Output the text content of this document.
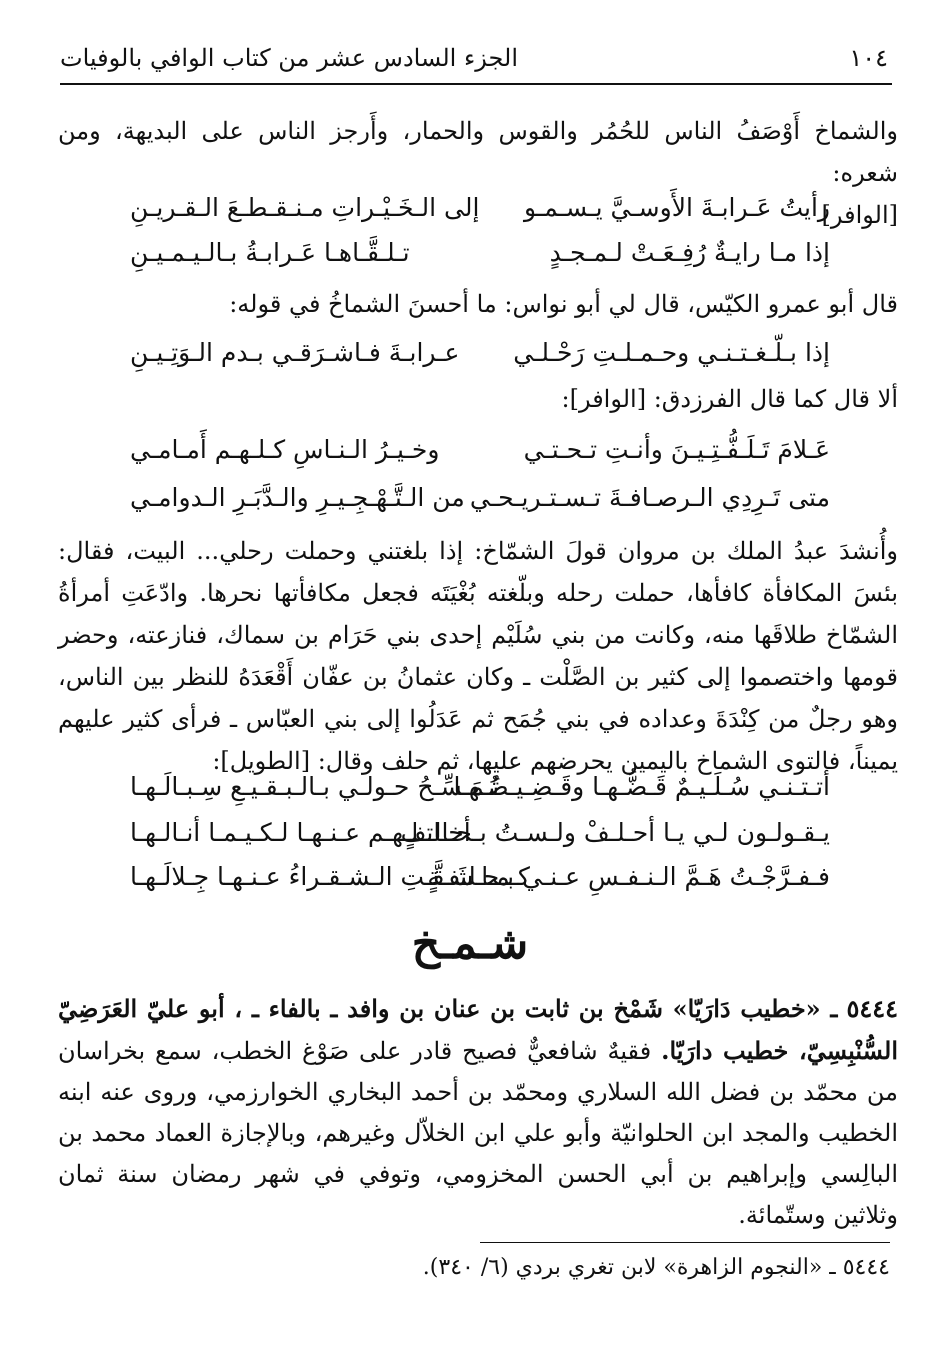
١٠٤
الجزء السادس عشر من كتاب الوافي بالوفيات
والشماخ أَوْصَفُ الناس للحُمُر والقوس والحمار، وأَرجز الناس على البديهة، ومن شعره:
[الوافر]
رأيتُ عَـرابـةَ الأَوسـيَّ يـسـمـو
إلى الـخَـيْـراتِ مـنـقـطـعَ الـقـريـنِ
إذا مـا رايـةٌ رُفِـعَـتْ لـمـجـدٍ
تـلـقَّـاهـا عَـرابـةُ بـالـيـمـيـنِ
قال أبو عمرو الكيّس، قال لي أبو نواس: ما أحسنَ الشماخُ في قوله:
إذا بـلّـغـتـنـي وحـمـلـتِ رَحْـلـي
عـرابـةَ فـاشـرَقـي بـدم الـوَتِـيـنِ
ألا قال كما قال الفرزدق: [الوافر]:
عَـلامَ تَـلَـفُّـتِـيـنَ وأنـتِ تـحـتـي
وخـيـرُ الـنـاسِ كـلـهـم أَمـامـي
متى تَـرِدِي الـرصـافـةَ تـسـتـريـحـي
من الـتَّـهْـجِـيـرِ والـدَّبَـرِ الـدوامـي
وأُنشدَ عبدُ الملك بن مروان قولَ الشمّاخ: إذا بلغتني وحملت رحلي... البيت، فقال: بئسَ المكافأة كافأها، حملت رحله وبلّغته بُغْيَتَه فجعل مكافأتها نحرها. وادّعَتِ أمرأةُ الشمّاخ طلاقَها منه، وكانت من بني سُلَيْم إحدى بني حَرَام بن سماك، فنازعته، وحضر قومها واختصموا إلى كثير بن الصَّلْت ـ وكان عثمانُ بن عفّان أَقْعَدَهُ للنظر بين الناس، وهو رجلٌ من كِنْدَةَ وعداده في بني جُمَح ثم عَدَلُوا إلى بني العبّاس ـ فرأى كثير عليهم يميناً، فالتوى الشماخ باليمين يحرضهم عليها، ثم حلف وقال: [الطويل]:
أتـتـنـي سُـلَـيـمٌ قَـضُّـهـا وقَـضِـيـضُـهـا
تُـمَـسِّـحُ حـولـي بـالـبـقـيـعِ سِـبـالَـهـا
يـقـولـون لـي يـا أحـلـفْ ولـسـتُ بـحـالـفٍ
أخـاتـلـهـم عـنـهـا لـكـيـمـا أنـالـهـا
فـفـرَّجْـتُ هَـمَّ الـنـفـسِ عـنـي بـحـلـفـةٍ
كـمـا شَـقَّـتِ الـشـقـراءُ عـنـهـا جِـلالَـهـا
شـمـخ
٥٤٤٤ ـ «خطيب دَارَيّا» شَمْخ بن ثابت بن عنان بن وافد ـ بالفاء ـ ، أبو عليّ العَرَضِيّ السُّنْبِسِيّ، خطيب دارَيّا. فقيهٌ شافعيٌّ فصيح قادر على صَوْغ الخطب، سمع بخراسان من محمّد بن فضل الله السلاري ومحمّد بن أحمد البخاري الخوارزمي، وروى عنه ابنه الخطيب والمجد ابن الحلوانيّة وأبو علي ابن الخلاّل وغيرهم، وبالإجازة العماد محمد بن البالِسي وإبراهيم بن أبي الحسن المخزومي، وتوفي في شهر رمضان سنة ثمان وثلاثين وستّمائة.
٥٤٤٤ ـ «النجوم الزاهرة» لابن تغري بردي (٦/ ٣٤٠).
